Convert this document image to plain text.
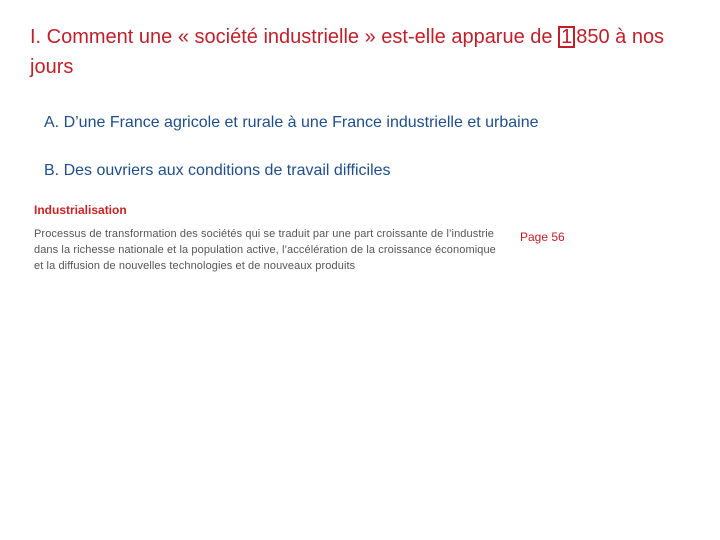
I. Comment une « société industrielle » est-elle apparue de 1 850 à nos jours

A. D’une France agricole et rurale à une France industrielle et urbaine

B. Des ouvriers aux conditions de travail difficiles

Industrialisation

Processus de transformation des sociétés qui se traduit par une part croissante de l’industrie dans la richesse nationale et la population active, l’accélération de la croissance économique et la diffusion de nouvelles technologies et de nouveaux produits

Page 56
